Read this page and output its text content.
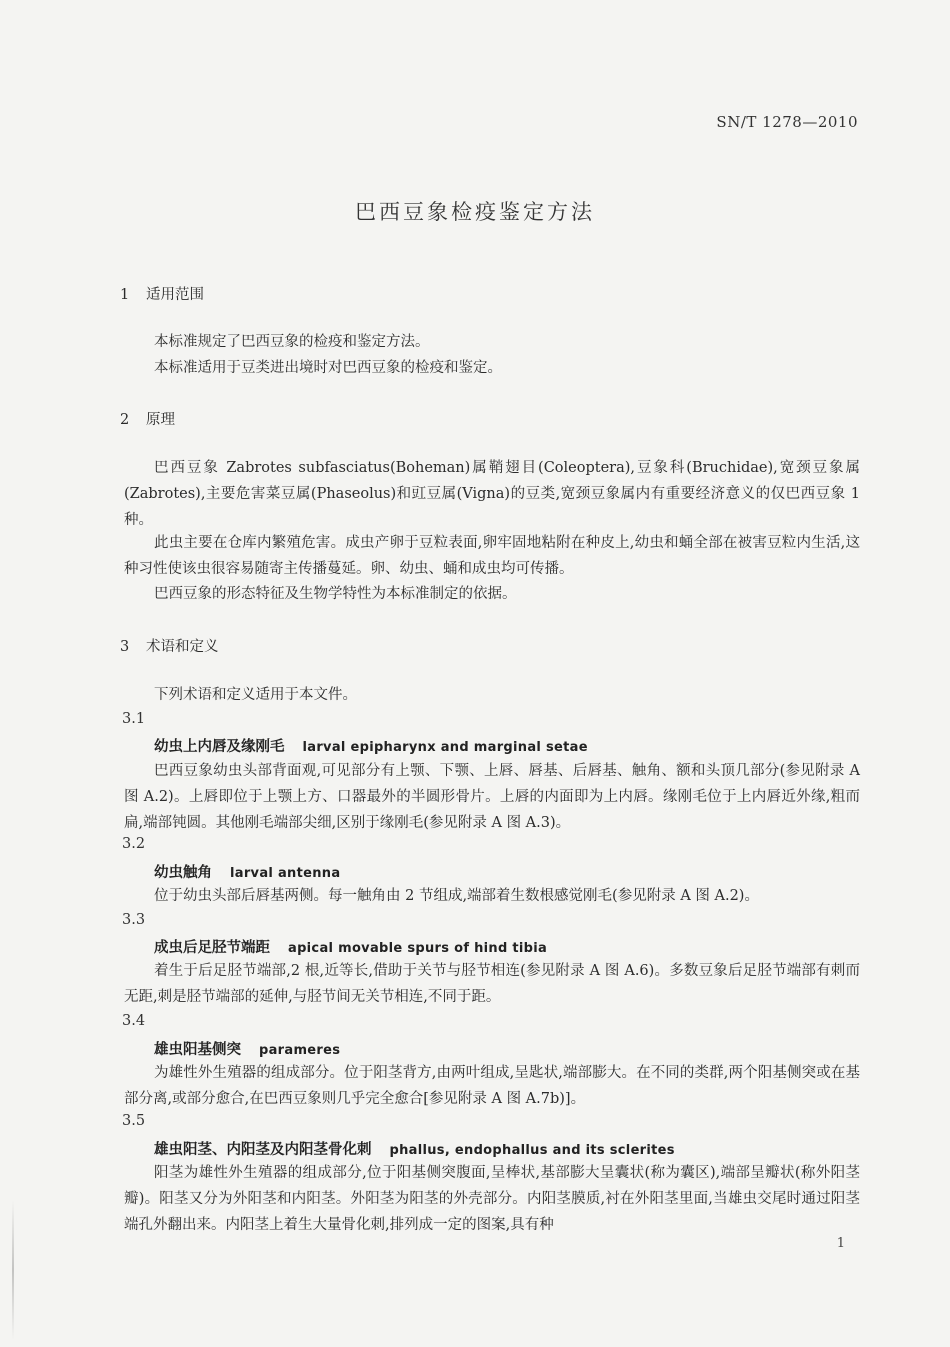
SN/T 1278—2010
巴西豆象检疫鉴定方法
1 适用范围
本标准规定了巴西豆象的检疫和鉴定方法。
本标准适用于豆类进出境时对巴西豆象的检疫和鉴定。
2 原理
巴西豆象 Zabrotes subfasciatus(Boheman)属鞘翅目(Coleoptera),豆象科(Bruchidae),宽颈豆象属(Zabrotes),主要危害菜豆属(Phaseolus)和豇豆属(Vigna)的豆类,宽颈豆象属内有重要经济意义的仅巴西豆象 1 种。
此虫主要在仓库内繁殖危害。成虫产卵于豆粒表面,卵牢固地粘附在种皮上,幼虫和蛹全部在被害豆粒内生活,这种习性使该虫很容易随寄主传播蔓延。卵、幼虫、蛹和成虫均可传播。
巴西豆象的形态特征及生物学特性为本标准制定的依据。
3 术语和定义
下列术语和定义适用于本文件。
3.1
幼虫上内唇及缘刚毛 larval epipharynx and marginal setae
巴西豆象幼虫头部背面观,可见部分有上颚、下颚、上唇、唇基、后唇基、触角、额和头顶几部分(参见附录 A 图 A.2)。上唇即位于上颚上方、口器最外的半圆形骨片。上唇的内面即为上内唇。缘刚毛位于上内唇近外缘,粗而扁,端部钝圆。其他刚毛端部尖细,区别于缘刚毛(参见附录 A 图 A.3)。
3.2
幼虫触角 larval antenna
位于幼虫头部后唇基两侧。每一触角由 2 节组成,端部着生数根感觉刚毛(参见附录 A 图 A.2)。
3.3
成虫后足胫节端距 apical movable spurs of hind tibia
着生于后足胫节端部,2 根,近等长,借助于关节与胫节相连(参见附录 A 图 A.6)。多数豆象后足胫节端部有刺而无距,刺是胫节端部的延伸,与胫节间无关节相连,不同于距。
3.4
雄虫阳基侧突 parameres
为雄性外生殖器的组成部分。位于阳茎背方,由两叶组成,呈匙状,端部膨大。在不同的类群,两个阳基侧突或在基部分离,或部分愈合,在巴西豆象则几乎完全愈合[参见附录 A 图 A.7b)]。
3.5
雄虫阳茎、内阳茎及内阳茎骨化刺 phallus, endophallus and its sclerites
阳茎为雄性外生殖器的组成部分,位于阳基侧突腹面,呈棒状,基部膨大呈囊状(称为囊区),端部呈瓣状(称外阳茎瓣)。阳茎又分为外阳茎和内阳茎。外阳茎为阳茎的外壳部分。内阳茎膜质,衬在外阳茎里面,当雄虫交尾时通过阳茎端孔外翻出来。内阳茎上着生大量骨化刺,排列成一定的图案,具有种
1
